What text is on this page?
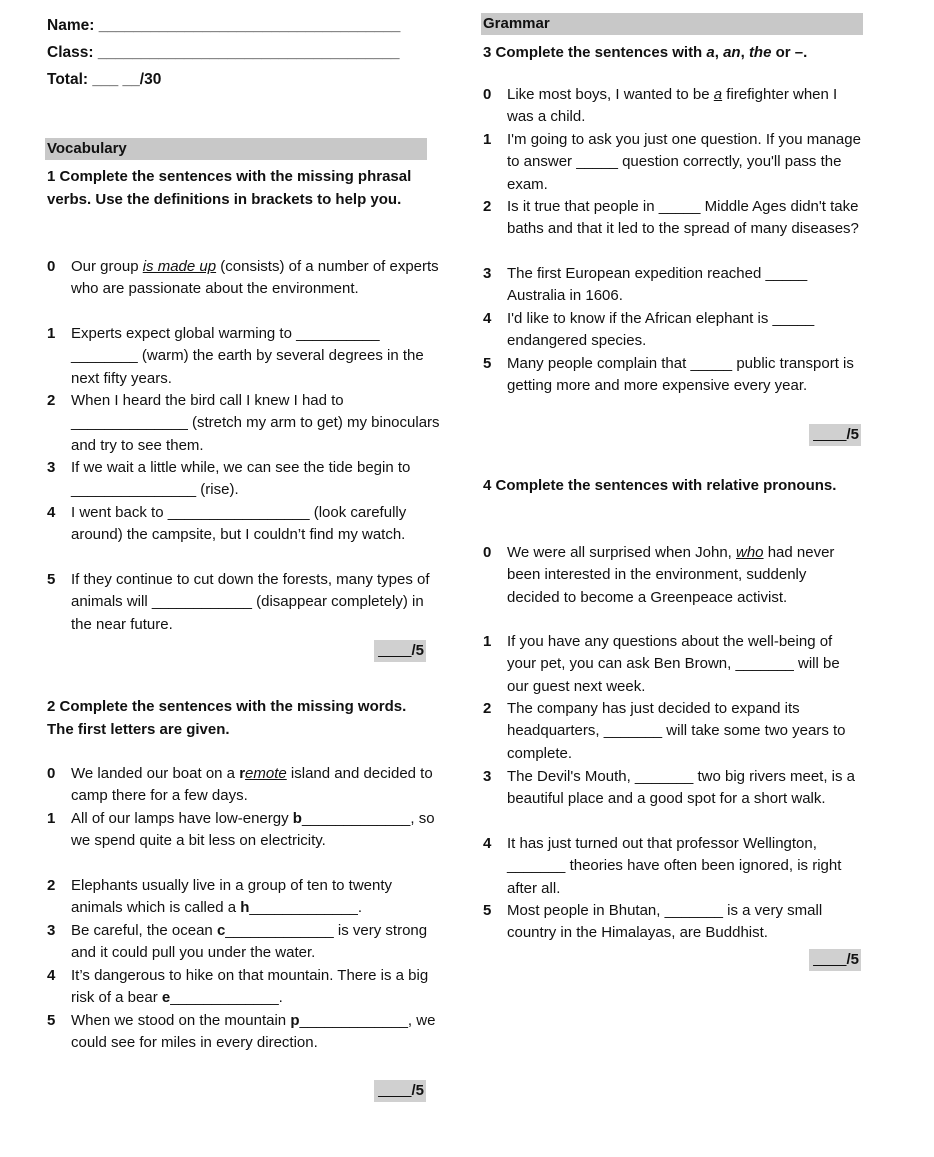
Name: ___________________________________
Class: ___________________________________
Total: ___ __/30
Vocabulary
1 Complete the sentences with the missing phrasal verbs. Use the definitions in brackets to help you.
0	Our group is made up (consists) of a number of experts who are passionate about the environment.
1	Experts expect global warming to __________ ________ (warm) the earth by several degrees in the next fifty years.
2	When I heard the bird call I knew I had to ______________ (stretch my arm to get) my binoculars and try to see them.
3	If we wait a little while, we can see the tide begin to _______________ (rise).
4	I went back to _________________ (look carefully around) the campsite, but I couldn’t find my watch.
5	If they continue to cut down the forests, many types of animals will ____________ (disappear completely) in the near future.
____/5
2 Complete the sentences with the missing words. The first letters are given.
0	We landed our boat on a remote island and decided to camp there for a few days.
1	All of our lamps have low-energy b_____________, so we spend quite a bit less on electricity.
2	Elephants usually live in a group of ten to twenty animals which is called a h_____________.
3	Be careful, the ocean c_____________ is very strong and it could pull you under the water.
4	It’s dangerous to hike on that mountain. There is a big risk of a bear e_____________.
5	When we stood on the mountain p_____________, we could see for miles in every direction.
____/5
Grammar
3 Complete the sentences with a, an, the or –.
0	Like most boys, I wanted to be a firefighter when I was a child.
1	I'm going to ask you just one question. If you manage to answer _____ question correctly, you'll pass the exam.
2	Is it true that people in _____ Middle Ages didn't take baths and that it led to the spread of many diseases?
3	The first European expedition reached _____ Australia in 1606.
4	I'd like to know if the African elephant is _____ endangered species.
5	Many people complain that _____ public transport is getting more and more expensive every year.
____/5
4 Complete the sentences with relative pronouns.
0	We were all surprised when John, who had never been interested in the environment, suddenly decided to become a Greenpeace activist.
1	If you have any questions about the well-being of your pet, you can ask Ben Brown, _______ will be our guest next week.
2	The company has just decided to expand its headquarters, _______ will take some two years to complete.
3	The Devil's Mouth, _______ two big rivers meet, is a beautiful place and a good spot for a short walk.
4	It has just turned out that professor Wellington, _______ theories have often been ignored, is right after all.
5	Most people in Bhutan, _______ is a very small country in the Himalayas, are Buddhist.
____/5
